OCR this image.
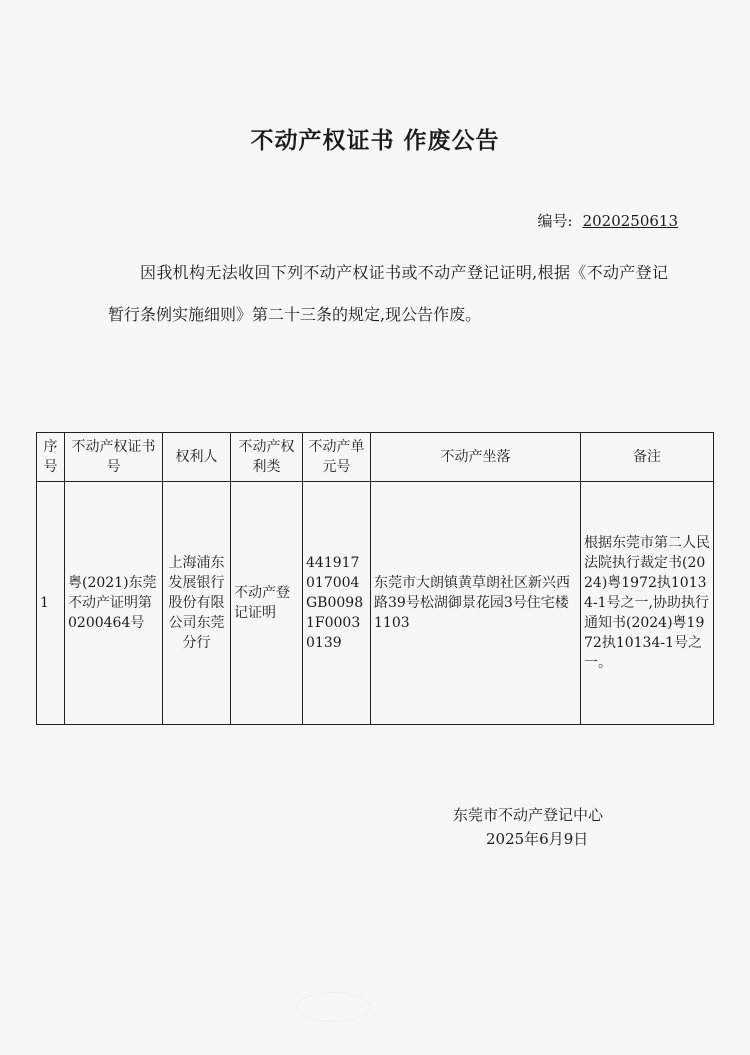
不动产权证书 作废公告
编号: 2020250613

因我机构无法收回下列不动产权证书或不动产登记证明,根据《不动产登记暂行条例实施细则》第二十三条的规定,现公告作废。

序号	不动产权证书号	权利人	不动产权利类	不动产单元号	不动产坐落	备注
1	粤(2021)东莞不动产证明第0200464号	上海浦东发展银行股份有限公司东莞分行	不动产登记证明	441917017004GB00981F00030139	东莞市大朗镇黄草朗社区新兴西路39号松湖御景花园3号住宅楼1103	根据东莞市第二人民法院执行裁定书(2024)粤1972执10134-1号之一,协助执行通知书(2024)粤1972执10134-1号之一。
东莞市不动产登记中心
2025年6月9日
